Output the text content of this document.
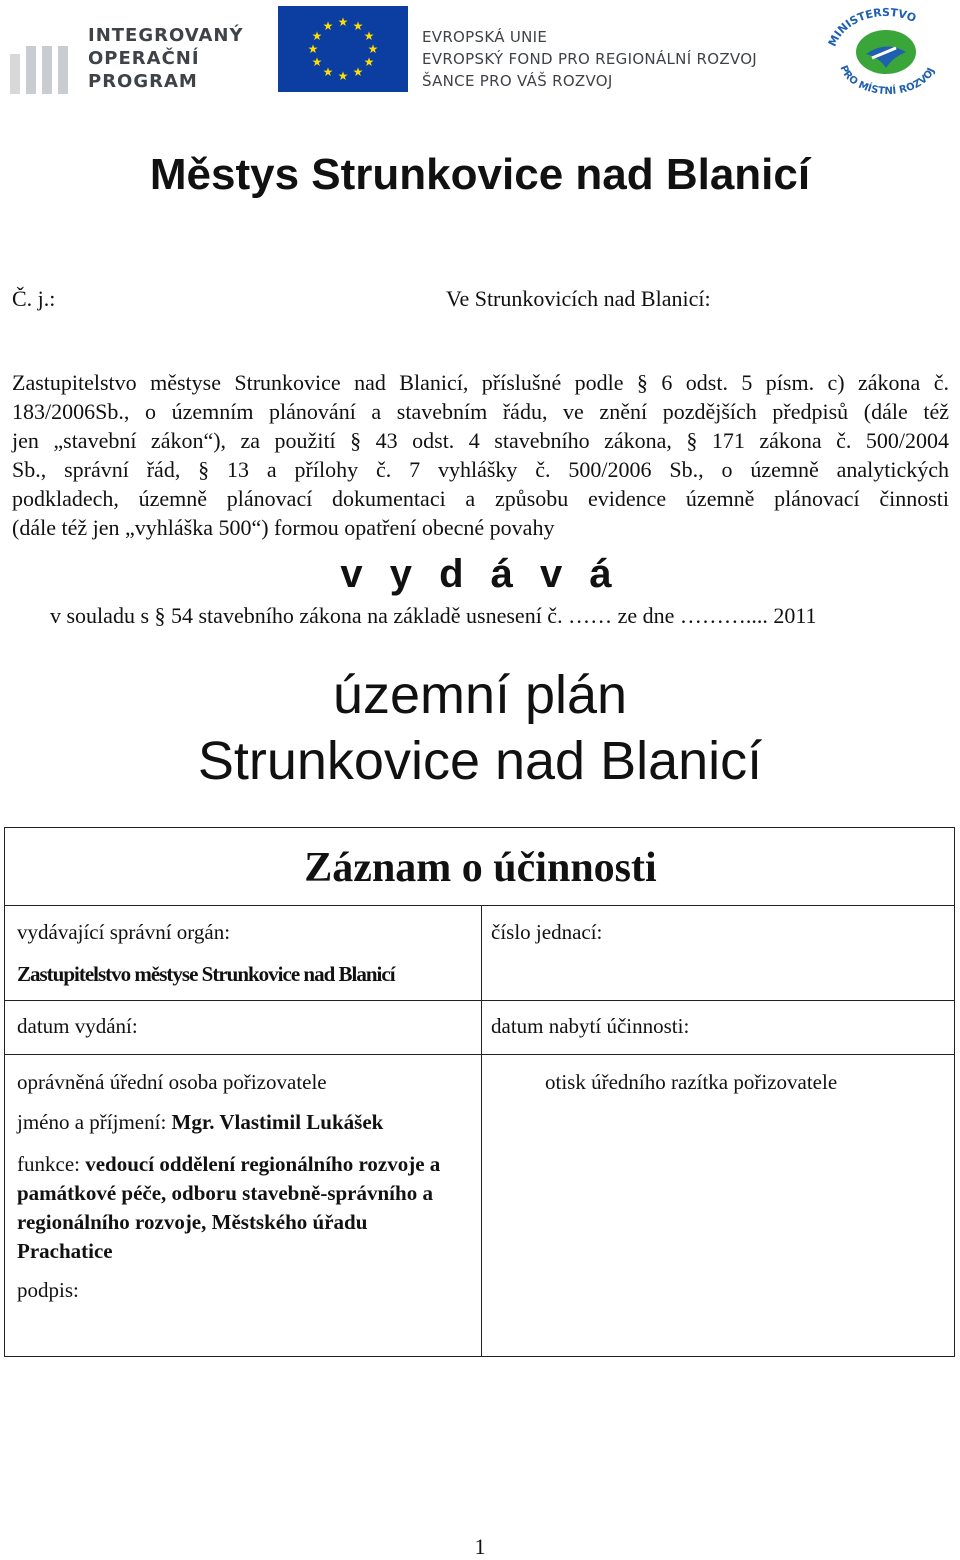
INTEGROVANÝ
OPERAČNÍ
PROGRAM
★ ★
★
★
★
★
★
★
★
★
★
★
EVROPSKÁ UNIE
EVROPSKÝ FOND PRO REGIONÁLNÍ ROZVOJ
ŠANCE PRO VÁŠ ROZVOJ
MINISTERSTVO
PRO MÍSTNÍ ROZVOJ
Městys Strunkovice nad Blanicí
Č. j.:	Ve Strunkovicích nad Blanicí:
Zastupitelstvo městyse Strunkovice nad Blanicí, příslušné podle § 6 odst. 5 písm. c) zákona č.
183/2006Sb., o územním plánování a stavebním řádu, ve znění pozdějších předpisů (dále též
jen „stavební zákon“), za použití § 43 odst. 4 stavebního zákona, § 171 zákona č. 500/2004
Sb., správní řád, § 13 a přílohy č. 7 vyhlášky č. 500/2006 Sb., o územně analytických
podkladech, územně plánovací dokumentaci a způsobu evidence územně plánovací činnosti
(dále též jen „vyhláška 500“) formou opatření obecné povahy
v y d á v á
v souladu s § 54 stavebního zákona na základě usnesení č. …… ze dne ……….... 2011
územní plán
Strunkovice nad Blanicí
Záznam o účinnosti
vydávající správní orgán:
Zastupitelstvo městyse Strunkovice nad Blanicí
číslo jednací:
datum vydání:	datum nabytí účinnosti:
oprávněná úřední osoba pořizovatele	otisk úředního razítka pořizovatele
jméno a příjmení: Mgr. Vlastimil Lukášek
funkce: vedoucí oddělení regionálního rozvoje a památkové péče, odboru stavebně-správního a regionálního rozvoje, Městského úřadu Prachatice
podpis:
1
